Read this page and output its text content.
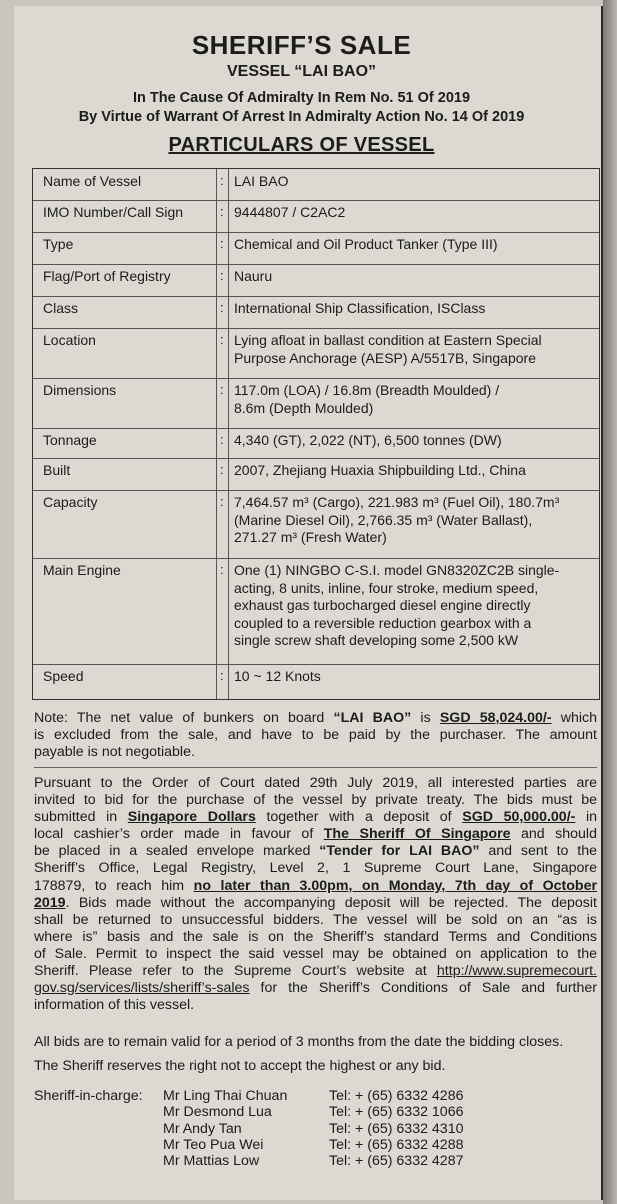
SHERIFF’S SALE
VESSEL “LAI BAO”
In The Cause Of Admiralty In Rem No. 51 Of 2019
By Virtue of Warrant Of Arrest In Admiralty Action No. 14 Of 2019
PARTICULARS OF VESSEL
Name of Vessel	: LAI BAO
IMO Number/Call Sign	: 9444807 / C2AC2
Type	: Chemical and Oil Product Tanker (Type III)
Flag/Port of Registry	: Nauru
Class	: International Ship Classification, ISClass
Location	: Lying afloat in ballast condition at Eastern Special
Purpose Anchorage (AESP) A/5517B, Singapore
Dimensions	: 117.0m (LOA) / 16.8m (Breadth Moulded) /
8.6m (Depth Moulded)
Tonnage	: 4,340 (GT), 2,022 (NT), 6,500 tonnes (DW)
Built	: 2007, Zhejiang Huaxia Shipbuilding Ltd., China
Capacity	: 7,464.57 m³ (Cargo), 221.983 m³ (Fuel Oil), 180.7m³
(Marine Diesel Oil), 2,766.35 m³ (Water Ballast),
271.27 m³ (Fresh Water)
Main Engine	: One (1) NINGBO C-S.I. model GN8320ZC2B single-
acting, 8 units, inline, four stroke, medium speed,
exhaust gas turbocharged diesel engine directly
coupled to a reversible reduction gearbox with a
single screw shaft developing some 2,500 kW
Speed	: 10 ~ 12 Knots
Note: The net value of bunkers on board “LAI BAO” is SGD 58,024.00/- which
is excluded from the sale, and have to be paid by the purchaser. The amount
payable is not negotiable.
Pursuant to the Order of Court dated 29th July 2019, all interested parties are
invited to bid for the purchase of the vessel by private treaty. The bids must be
submitted in Singapore Dollars together with a deposit of SGD 50,000.00/- in
local cashier’s order made in favour of The Sheriff Of Singapore and should
be placed in a sealed envelope marked “Tender for LAI BAO” and sent to the
Sheriff’s Office, Legal Registry, Level 2, 1 Supreme Court Lane, Singapore
178879, to reach him no later than 3.00pm, on Monday, 7th day of October
2019. Bids made without the accompanying deposit will be rejected. The deposit
shall be returned to unsuccessful bidders. The vessel will be sold on an “as is
where is” basis and the sale is on the Sheriff’s standard Terms and Conditions
of Sale. Permit to inspect the said vessel may be obtained on application to the
Sheriff. Please refer to the Supreme Court’s website at http://www.supremecourt.
gov.sg/services/lists/sheriff’s-sales for the Sheriff’s Conditions of Sale and further
information of this vessel.
All bids are to remain valid for a period of 3 months from the date the bidding closes.
The Sheriff reserves the right not to accept the highest or any bid.
Sheriff-in-charge: Mr Ling Thai Chuan	Tel: + (65) 6332 4286
Mr Desmond Lua	Tel: + (65) 6332 1066
Mr Andy Tan	Tel: + (65) 6332 4310
Mr Teo Pua Wei	Tel: + (65) 6332 4288
Mr Mattias Low	Tel: + (65) 6332 4287
